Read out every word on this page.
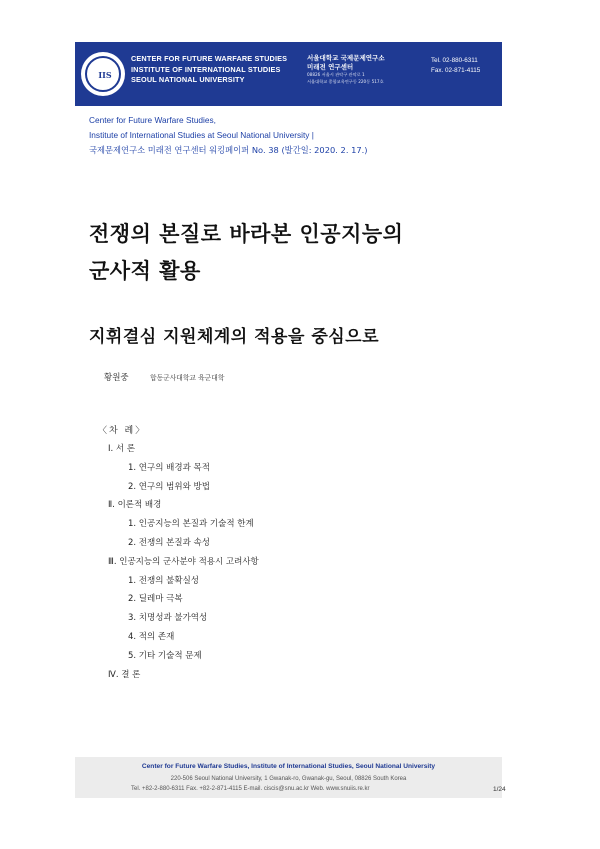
IIS
CENTER FOR FUTURE WARFARE STUDIES
INSTITUTE OF INTERNATIONAL STUDIES
SEOUL NATIONAL UNIVERSITY
서울대학교 국제문제연구소
미래전 연구센터
08826 서울시 관악구 관악로 1
서울대학교 종합교육연구동 220동 517호
Tel. 02-880-6311
Fax. 02-871-4115
Center for Future Warfare Studies,
Institute of International Studies at Seoul National University |
국제문제연구소 미래전 연구센터 워킹페이퍼 No. 38 (발간일: 2020. 2. 17.)
전쟁의 본질로 바라본 인공지능의
군사적 활용
지휘결심 지원체계의 적용을 중심으로
황원중	합동군사대학교 육군대학
〈차 례〉
Ⅰ. 서 론
1. 연구의 배경과 목적
2. 연구의 범위와 방법
Ⅱ. 이론적 배경
1. 인공지능의 본질과 기술적 한계
2. 전쟁의 본질과 속성
Ⅲ. 인공지능의 군사분야 적용시 고려사항
1. 전쟁의 불확실성
2. 딜레마 극복
3. 치명성과 불가역성
4. 적의 존재
5. 기타 기술적 문제
Ⅳ. 결 론
Center for Future Warfare Studies, Institute of International Studies, Seoul National University
220-506 Seoul National University, 1 Gwanak-ro, Gwanak-gu, Seoul, 08826 South Korea
Tel. +82-2-880-6311 Fax. +82-2-871-4115 E-mail. ciscis@snu.ac.kr Web. www.snuiis.re.kr	1/24
